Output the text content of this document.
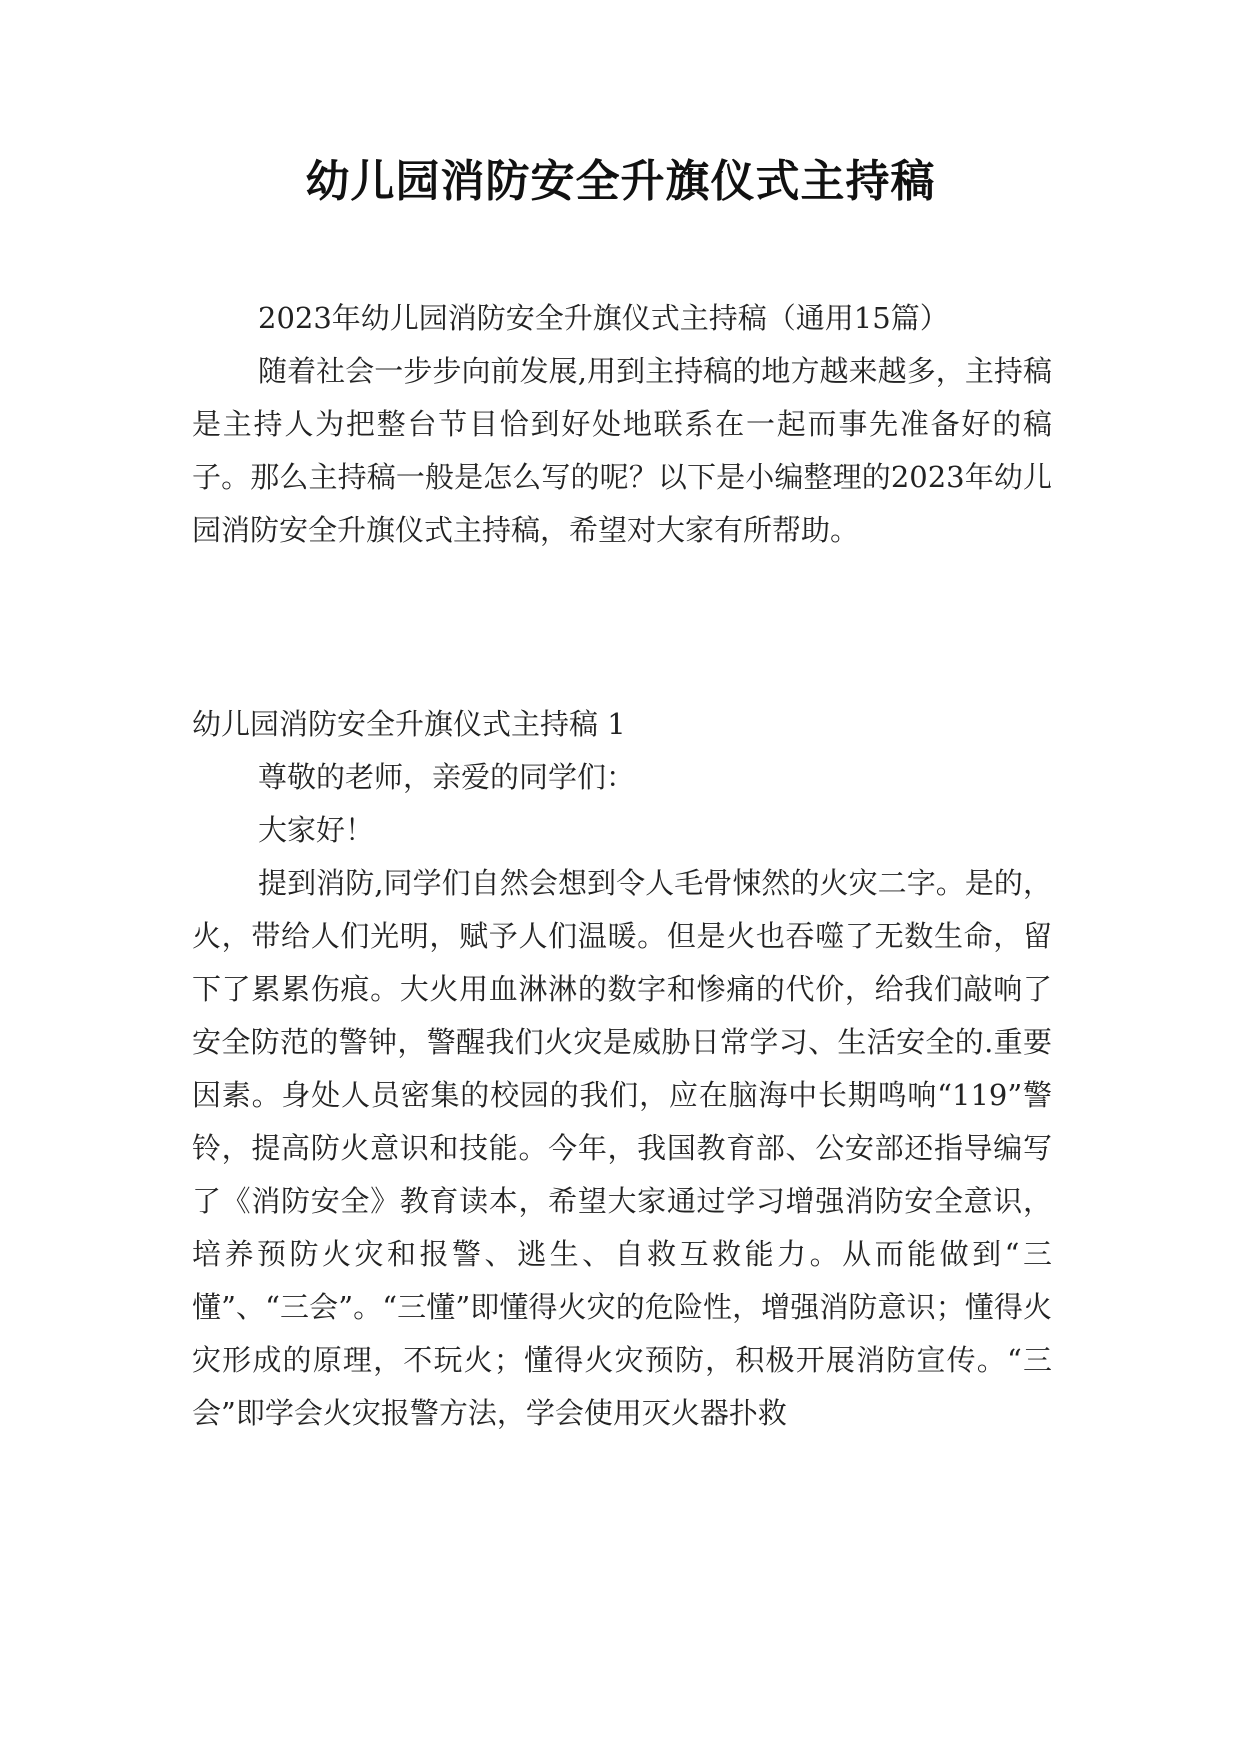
幼儿园消防安全升旗仪式主持稿

2023年幼儿园消防安全升旗仪式主持稿（通用15篇）

随着社会一步步向前发展,用到主持稿的地方越来越多，主持稿是主持人为把整台节目恰到好处地联系在一起而事先准备好的稿子。那么主持稿一般是怎么写的呢？以下是小编整理的2023年幼儿园消防安全升旗仪式主持稿，希望对大家有所帮助。

幼儿园消防安全升旗仪式主持稿 1

尊敬的老师，亲爱的同学们：

大家好！

提到消防,同学们自然会想到令人毛骨悚然的火灾二字。是的，火，带给人们光明，赋予人们温暖。但是火也吞噬了无数生命，留下了累累伤痕。大火用血淋淋的数字和惨痛的代价，给我们敲响了安全防范的警钟，警醒我们火灾是威胁日常学习、生活安全的.重要因素。身处人员密集的校园的我们，应在脑海中长期鸣响“119”警铃，提高防火意识和技能。今年，我国教育部、公安部还指导编写了《消防安全》教育读本，希望大家通过学习增强消防安全意识，培养预防火灾和报警、逃生、自救互救能力。从而能做到“三懂”、“三会”。“三懂”即懂得火灾的危险性，增强消防意识；懂得火灾形成的原理，不玩火；懂得火灾预防，积极开展消防宣传。“三会”即学会火灾报警方法，学会使用灭火器扑救
